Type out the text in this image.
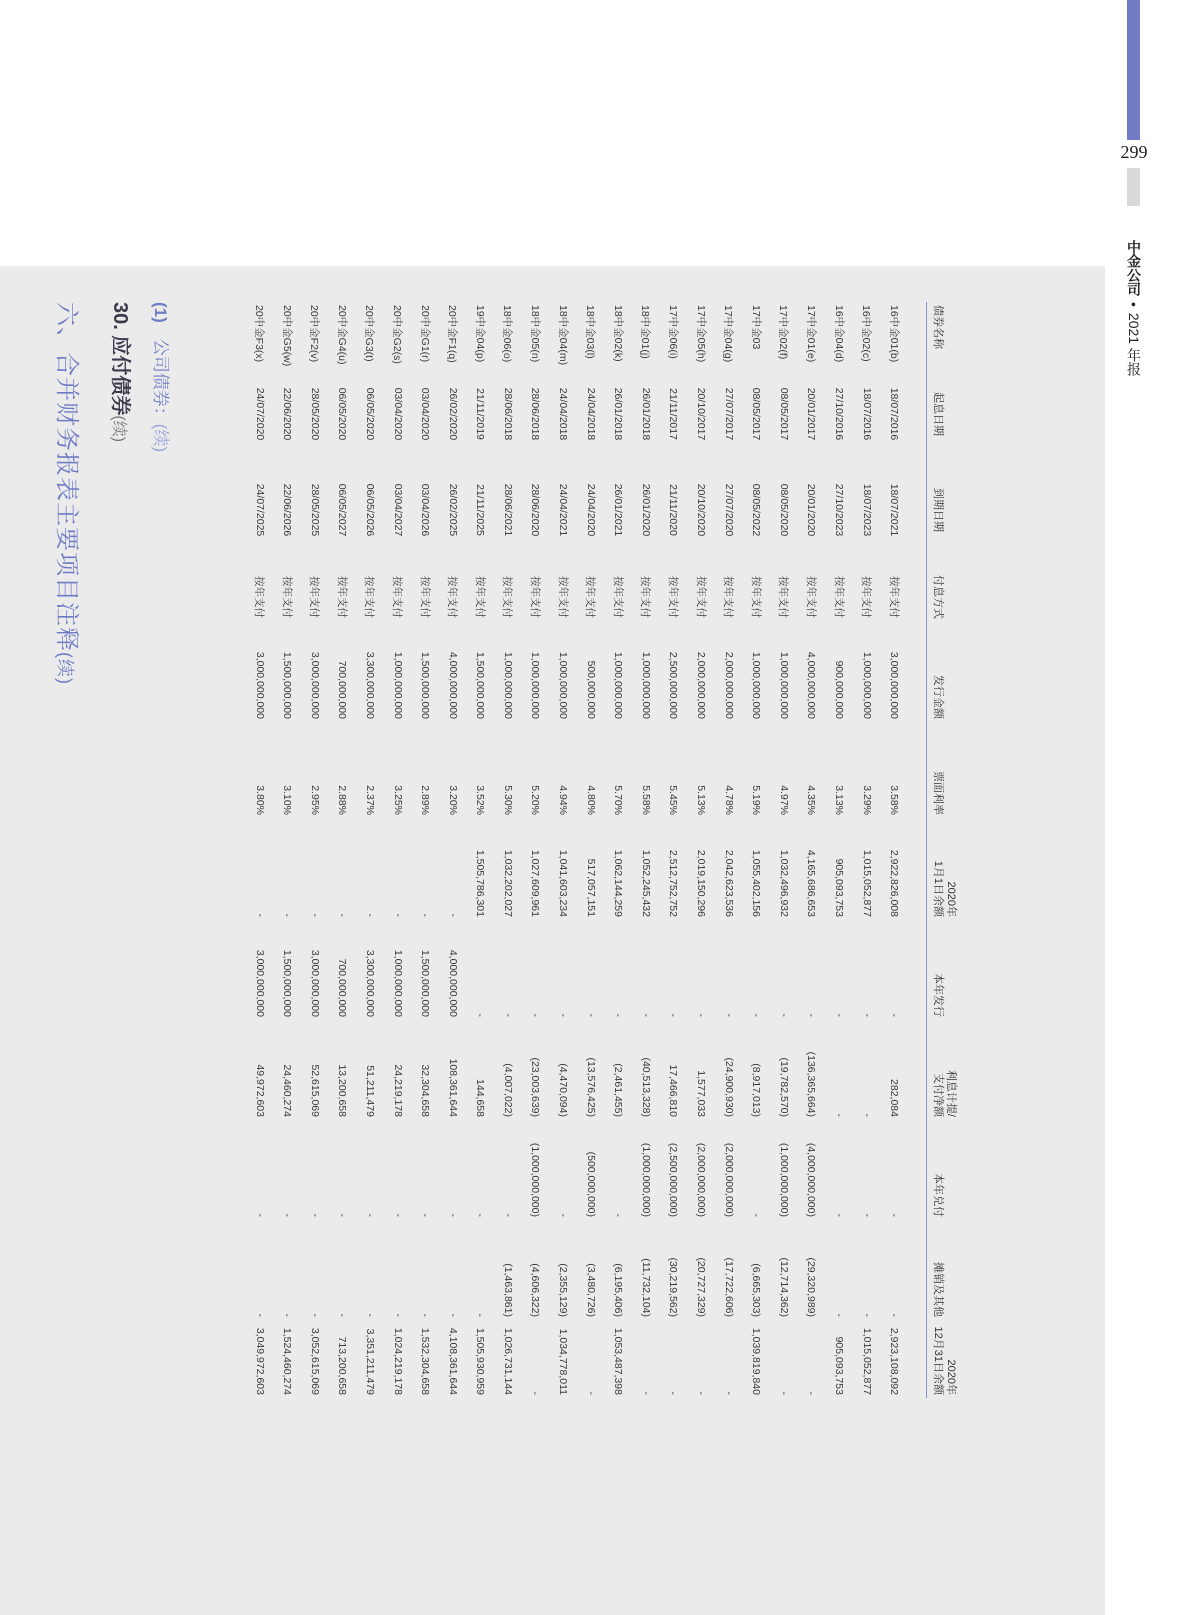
299
中金公司•2021 年报
六、合并财务报表主要项目注释(续)
30. 应付债券(续)
(1)公司债券：(续)
债券名称	起息日期	到期日期	付息方式	发行金额	票面利率	2020年
1月1日余额	本年发行	利息计提/
支付净额	本年兑付	摊销及其他	2020年
12月31日余额
16中金01(b)	18/07/2016	18/07/2021	按年支付	3,000,000,000	3.58%	2,922,826,008	-	282,084	-	-	2,923,108,092
16中金02(c)	18/07/2016	18/07/2023	按年支付	1,000,000,000	3.29%	1,015,052,877	-	-	-	-	1,015,052,877
16中金04(d)	27/10/2016	27/10/2023	按年支付	900,000,000	3.13%	905,093,753	-	-	-	-	905,093,753
17中金01(e)	20/01/2017	20/01/2020	按年支付	4,000,000,000	4.35%	4,165,686,653	-	(136,365,664)	(4,000,000,000)	(29,320,989)	-
17中金02(f)	08/05/2017	08/05/2020	按年支付	1,000,000,000	4.97%	1,032,496,932	-	(19,782,570)	(1,000,000,000)	(12,714,362)	-
17中金03	08/05/2017	08/05/2022	按年支付	1,000,000,000	5.19%	1,055,402,156	-	(8,917,013)	-	(6,665,303)	1,039,819,840
17中金04(g)	27/07/2017	27/07/2020	按年支付	2,000,000,000	4.78%	2,042,623,536	-	(24,900,930)	(2,000,000,000)	(17,722,606)	-
17中金05(h)	20/10/2017	20/10/2020	按年支付	2,000,000,000	5.13%	2,019,150,296	-	1,577,033	(2,000,000,000)	(20,727,329)	-
17中金06(i)	21/11/2017	21/11/2020	按年支付	2,500,000,000	5.45%	2,512,752,752	-	17,466,810	(2,500,000,000)	(30,219,562)	-
18中金01(j)	26/01/2018	26/01/2020	按年支付	1,000,000,000	5.58%	1,052,245,432	-	(40,513,328)	(1,000,000,000)	(11,732,104)	-
18中金02(k)	26/01/2018	26/01/2021	按年支付	1,000,000,000	5.70%	1,062,144,259	-	(2,461,455)	-	(6,195,406)	1,053,487,398
18中金03(l)	24/04/2018	24/04/2020	按年支付	500,000,000	4.80%	517,057,151	-	(13,576,425)	(500,000,000)	(3,480,726)	-
18中金04(m)	24/04/2018	24/04/2021	按年支付	1,000,000,000	4.94%	1,041,603,234	-	(4,470,094)	-	(2,355,129)	1,034,778,011
18中金05(n)	28/06/2018	28/06/2020	按年支付	1,000,000,000	5.20%	1,027,609,961	-	(23,003,639)	(1,000,000,000)	(4,606,322)	-
18中金06(o)	28/06/2018	28/06/2021	按年支付	1,000,000,000	5.30%	1,032,202,027	-	(4,007,022)	-	(1,463,861)	1,026,731,144
19中金04(p)	21/11/2019	21/11/2025	按年支付	1,500,000,000	3.52%	1,505,786,301	-	144,658	-	-	1,505,930,959
20中金F1(q)	26/02/2020	26/02/2025	按年支付	4,000,000,000	3.20%	-	4,000,000,000	108,361,644	-	-	4,108,361,644
20中金G1(r)	03/04/2020	03/04/2026	按年支付	1,500,000,000	2.89%	-	1,500,000,000	32,304,658	-	-	1,532,304,658
20中金G2(s)	03/04/2020	03/04/2027	按年支付	1,000,000,000	3.25%	-	1,000,000,000	24,219,178	-	-	1,024,219,178
20中金G3(t)	06/05/2020	06/05/2026	按年支付	3,300,000,000	2.37%	-	3,300,000,000	51,211,479	-	-	3,351,211,479
20中金G4(u)	06/05/2020	06/05/2027	按年支付	700,000,000	2.88%	-	700,000,000	13,200,658	-	-	713,200,658
20中金F2(v)	28/05/2020	28/05/2025	按年支付	3,000,000,000	2.95%	-	3,000,000,000	52,615,069	-	-	3,052,615,069
20中金G5(w)	22/06/2020	22/06/2026	按年支付	1,500,000,000	3.10%	-	1,500,000,000	24,460,274	-	-	1,524,460,274
20中金F3(x)	24/07/2020	24/07/2025	按年支付	3,000,000,000	3.80%	-	3,000,000,000	49,972,603	-	-	3,049,972,603
